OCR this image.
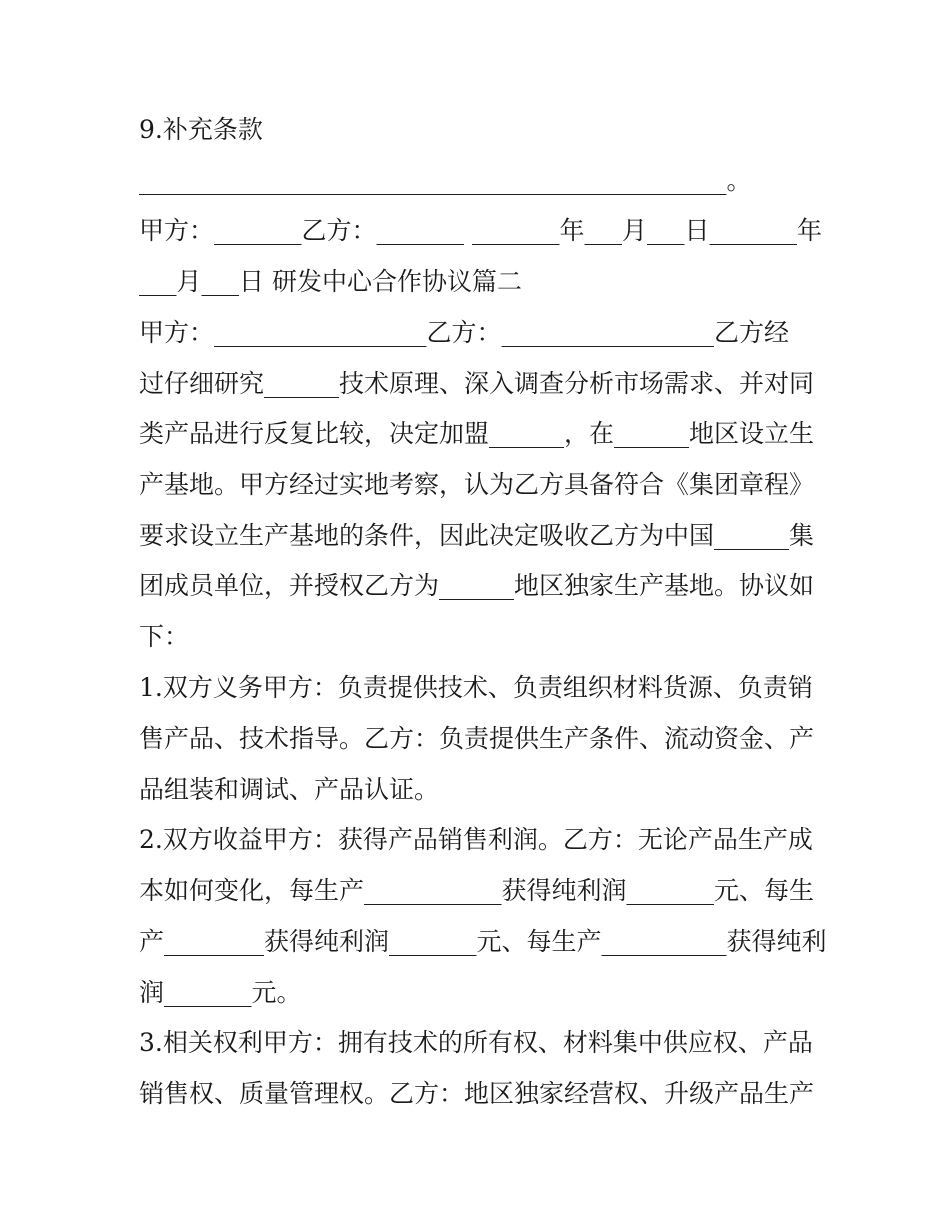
9.补充条款
_______________________________________________。
甲方：_______乙方：_______ _______年___月___日_______年
___月___日 研发中心合作协议篇二
甲方：_________________乙方：_________________乙方经
过仔细研究______技术原理、深入调查分析市场需求、并对同
类产品进行反复比较，决定加盟______，在______地区设立生
产基地。甲方经过实地考察，认为乙方具备符合《集团章程》
要求设立生产基地的条件，因此决定吸收乙方为中国______集
团成员单位，并授权乙方为______地区独家生产基地。协议如
下：
1.双方义务甲方：负责提供技术、负责组织材料货源、负责销
售产品、技术指导。乙方：负责提供生产条件、流动资金、产
品组装和调试、产品认证。
2.双方收益甲方：获得产品销售利润。乙方：无论产品生产成
本如何变化，每生产___________获得纯利润_______元、每生
产________获得纯利润_______元、每生产__________获得纯利
润_______元。
3.相关权利甲方：拥有技术的所有权、材料集中供应权、产品
销售权、质量管理权。乙方：地区独家经营权、升级产品生产
